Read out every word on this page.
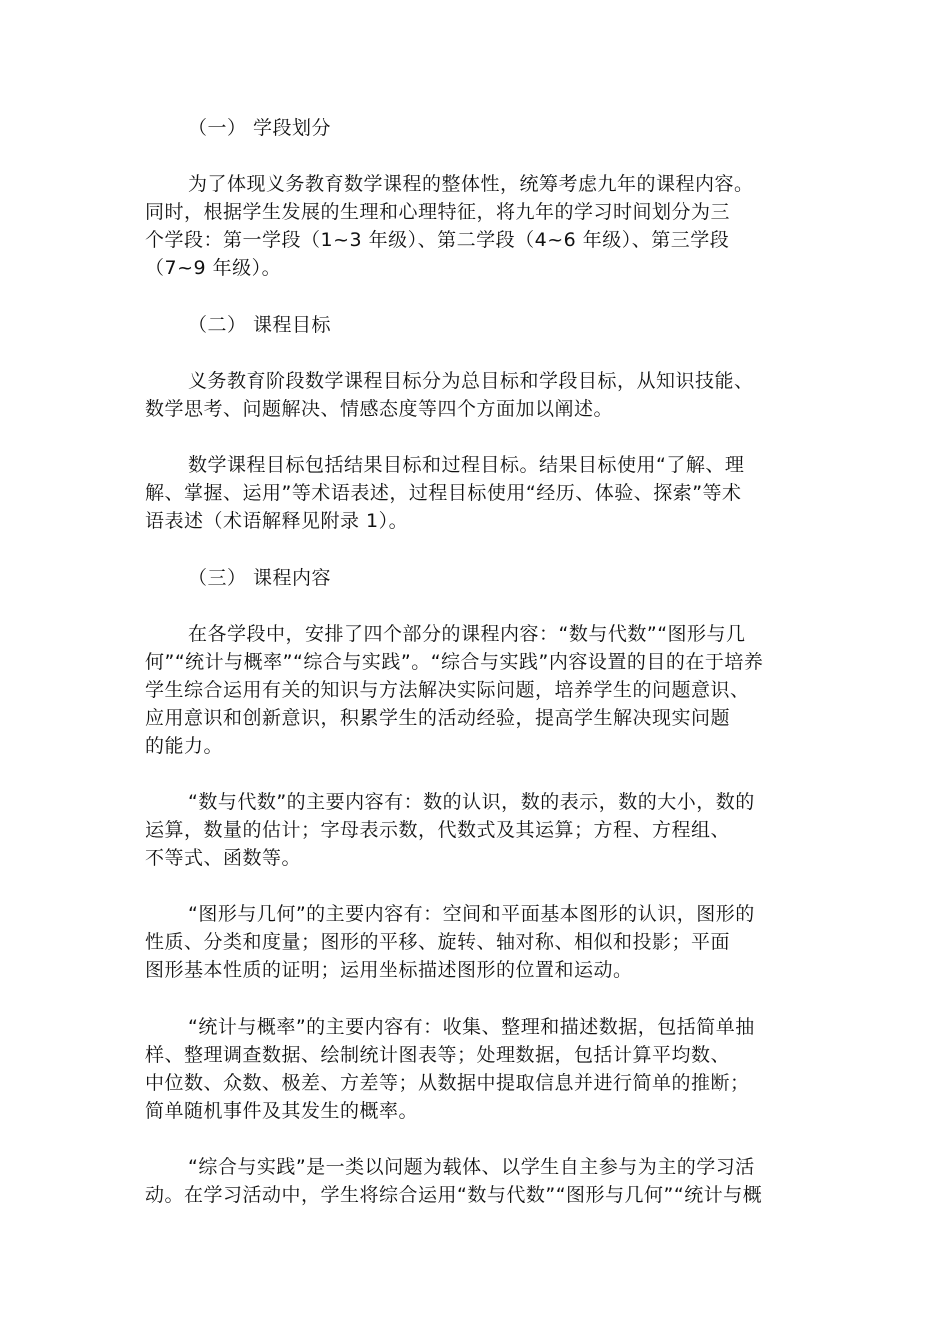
（一） 学段划分
为了体现义务教育数学课程的整体性，统筹考虑九年的课程内容。
同时，根据学生发展的生理和心理特征，将九年的学习时间划分为三
个学段：第一学段（1~3 年级）、第二学段（4~6 年级）、第三学段
（7~9 年级）。
（二） 课程目标
义务教育阶段数学课程目标分为总目标和学段目标，从知识技能、
数学思考、问题解决、情感态度等四个方面加以阐述。
数学课程目标包括结果目标和过程目标。结果目标使用“了解、理
解、掌握、运用”等术语表述，过程目标使用“经历、体验、探索”等术
语表述（术语解释见附录 1）。
（三） 课程内容
在各学段中，安排了四个部分的课程内容：“数与代数”“图形与几
何”“统计与概率”“综合与实践”。“综合与实践”内容设置的目的在于培养
学生综合运用有关的知识与方法解决实际问题，培养学生的问题意识、
应用意识和创新意识，积累学生的活动经验，提高学生解决现实问题
的能力。
“数与代数”的主要内容有：数的认识，数的表示，数的大小，数的
运算，数量的估计；字母表示数，代数式及其运算；方程、方程组、
不等式、函数等。
“图形与几何”的主要内容有：空间和平面基本图形的认识，图形的
性质、分类和度量；图形的平移、旋转、轴对称、相似和投影；平面
图形基本性质的证明；运用坐标描述图形的位置和运动。
“统计与概率”的主要内容有：收集、整理和描述数据，包括简单抽
样、整理调查数据、绘制统计图表等；处理数据，包括计算平均数、
中位数、众数、极差、方差等；从数据中提取信息并进行简单的推断；
简单随机事件及其发生的概率。
“综合与实践”是一类以问题为载体、以学生自主参与为主的学习活
动。在学习活动中，学生将综合运用“数与代数”“图形与几何”“统计与概
